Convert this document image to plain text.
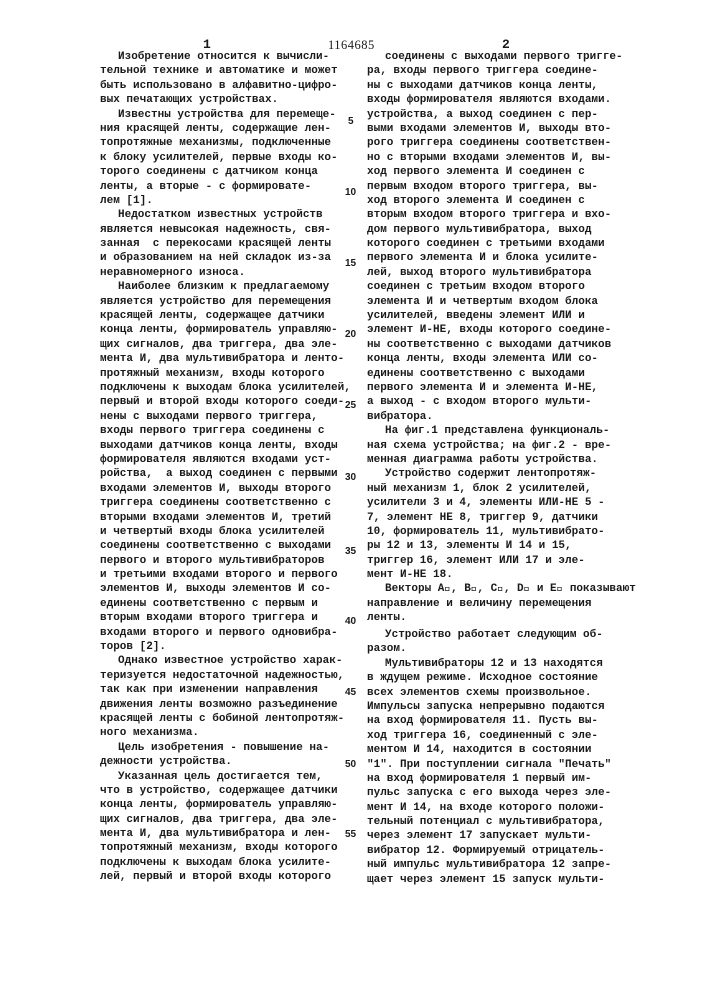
1	1164685	2
Изобретение относится к вычисли-
тельной технике и автоматике и может
быть использовано в алфавитно-цифро-
вых печатающих устройствах.
Известны устройства для перемеще-
ния красящей ленты, содержащие лен-
топротяжные механизмы, подключенные
к блоку усилителей, первые входы ко-
торого соединены с датчиком конца
ленты, а вторые - с формировате-
лем [1].
Недостатком известных устройств
является невысокая надежность, свя-
занная  с перекосами красящей ленты
и образованием на ней складок из-за
неравномерного износа.
Наиболее близким к предлагаемому
является устройство для перемещения
красящей ленты, содержащее датчики
конца ленты, формирователь управляю-
щих сигналов, два триггера, два эле-
мента И, два мультивибратора и ленто-
протяжный механизм, входы которого
подключены к выходам блока усилителей,
первый и второй входы которого соеди-
нены с выходами первого триггера,
входы первого триггера соединены с
выходами датчиков конца ленты, входы
формирователя являются входами уст-
ройства,  а выход соединен с первыми
входами элементов И, выходы второго
триггера соединены соответственно с
вторыми входами элементов И, третий
и четвертый входы блока усилителей
соединены соответственно с выходами
первого и второго мультивибраторов
и третьими входами второго и первого
элементов И, выходы элементов И со-
единены соответственно с первым и
вторым входами второго триггера и
входами второго и первого одновибра-
торов [2].
Однако известное устройство харак-
теризуется недостаточной надежностью,
так как при изменении направления
движения ленты возможно разъединение
красящей ленты с бобиной лентопротяж-
ного механизма.
Цель изобретения - повышение на-
дежности устройства.
Указанная цель достигается тем,
что в устройство, содержащее датчики
конца ленты, формирователь управляю-
щих сигналов, два триггера, два эле-
мента И, два мультивибратора и лен-
топротяжный механизм, входы которого
подключены к выходам блока усилите-
лей, первый и второй входы которого
соединены с выходами первого тригге-
ра, входы первого триггера соедине-
ны с выходами датчиков конца ленты,
входы формирователя являются входами.
устройства, а выход соединен с пер-
выми входами элементов И, выходы вто-
рого триггера соединены соответствен-
но с вторыми входами элементов И, вы-
ход первого элемента И соединен с
первым входом второго триггера, вы-
ход второго элемента И соединен с
вторым входом второго триггера и вхо-
дом первого мультивибратора, выход
которого соединен с третьими входами
первого элемента И и блока усилите-
лей, выход второго мультивибратора
соединен с третьим входом второго
элемента И и четвертым входом блока
усилителей, введены элемент ИЛИ и
элемент И-НЕ, входы которого соедине-
ны соответственно с выходами датчиков
конца ленты, входы элемента ИЛИ со-
единены соответственно с выходами
первого элемента И и элемента И-НЕ,
а выход - с входом второго мульти-
вибратора.
На фиг.1 представлена функциональ-
ная схема устройства; на фиг.2 - вре-
менная диаграмма работы устройства.
Устройство содержит лентопротяж-
ный механизм 1, блок 2 усилителей,
усилители 3 и 4, элементы ИЛИ-НЕ 5 -
7, элемент НЕ 8, триггер 9, датчики
10, формирователь 11, мультивибрато-
ры 12 и 13, элементы И 14 и 15,
триггер 16, элемент ИЛИ 17 и эле-
мент И-НЕ 18.
Векторы A⃗, B⃗, C⃗, D⃗ и E⃗ показывают
направление и величину перемещения
ленты.
Устройство работает следующим об-
разом.
Мультивибраторы 12 и 13 находятся
в ждущем режиме. Исходное состояние
всех элементов схемы произвольное.
Импульсы запуска непрерывно подаются
на вход формирователя 11. Пусть вы-
ход триггера 16, соединенный с эле-
ментом И 14, находится в состоянии
"1". При поступлении сигнала "Печать"
на вход формирователя 1 первый им-
пульс запуска с его выхода через эле-
мент И 14, на входе которого положи-
тельный потенциал с мультивибратора,
через элемент 17 запускает мульти-
вибратор 12. Формируемый отрицатель-
ный импульс мультивибратора 12 запре-
щает через элемент 15 запуск мульти-
5
10
15
20
25
30
35
40
45
50
55
